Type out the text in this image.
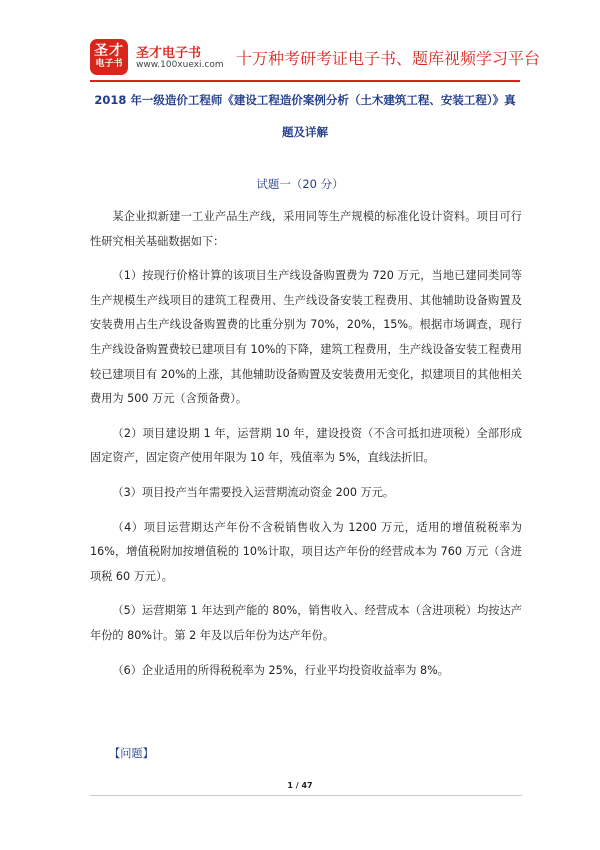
圣才
电子书
圣才电子书
www.100xuexi.com 十万种考研考证电子书、题库视频学习平台
2018 年一级造价工程师《建设工程造价案例分析（土木建筑工程、安装工程）》真题及详解
试题一（20 分）

某企业拟新建一工业产品生产线，采用同等生产规模的标准化设计资料。项目可行性研究相关基础数据如下：

（1）按现行价格计算的该项目生产线设备购置费为 720 万元，当地已建同类同等生产规模生产线项目的建筑工程费用、生产线设备安装工程费用、其他辅助设备购置及安装费用占生产线设备购置费的比重分别为 70%，20%，15%。根据市场调查，现行生产线设备购置费较已建项目有 10%的下降，建筑工程费用，生产线设备安装工程费用较已建项目有 20%的上涨，其他辅助设备购置及安装费用无变化，拟建项目的其他相关费用为 500 万元（含预备费）。

（2）项目建设期 1 年，运营期 10 年，建设投资（不含可抵扣进项税）全部形成固定资产，固定资产使用年限为 10 年，残值率为 5%，直线法折旧。

（3）项目投产当年需要投入运营期流动资金 200 万元。

（4）项目运营期达产年份不含税销售收入为 1200 万元，适用的增值税税率为 16%，增值税附加按增值税的 10%计取，项目达产年份的经营成本为 760 万元（含进项税 60 万元）。

（5）运营期第 1 年达到产能的 80%，销售收入、经营成本（含进项税）均按达产年份的 80%计。第 2 年及以后年份为达产年份。

（6）企业适用的所得税税率为 25%，行业平均投资收益率为 8%。

【问题】
1 / 47
